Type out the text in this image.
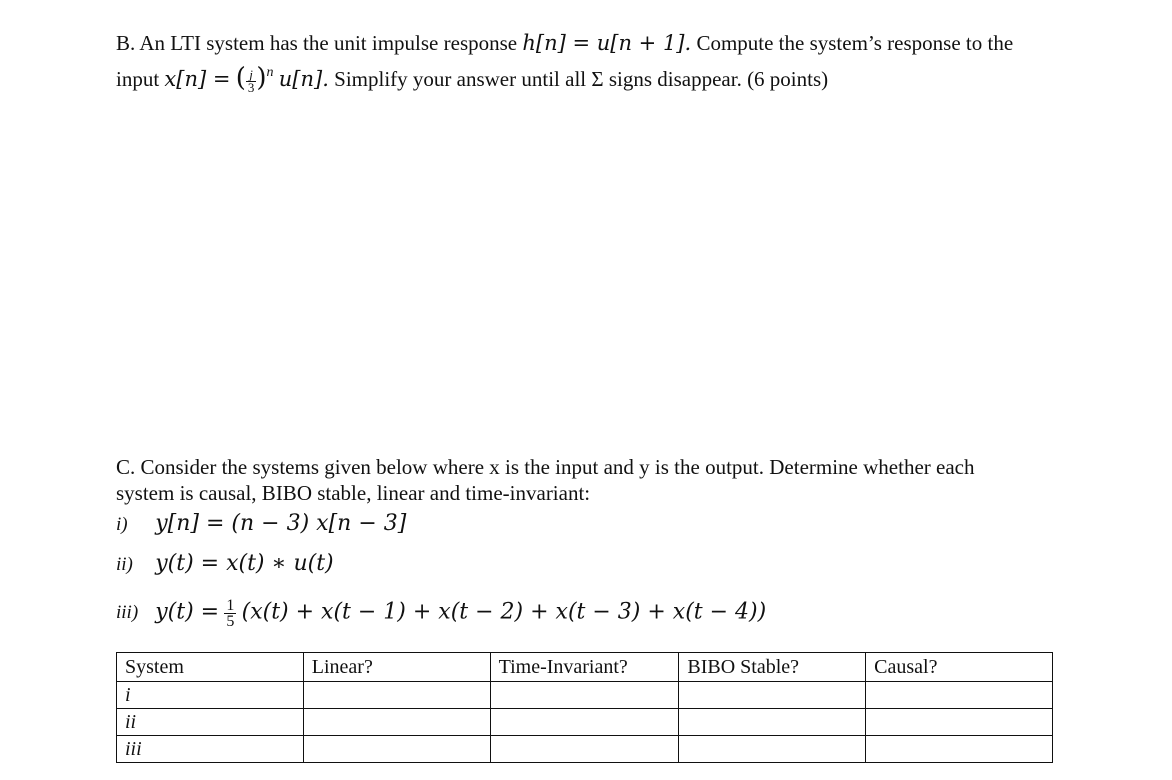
B. An LTI system has the unit impulse response h[n] = u[n + 1]. Compute the system’s response to the
input x[n] = ( $\frac{j}{3} )^n$ u[n]. Simplify your answer until all Σ signs disappear. (6 points)
C. Consider the systems given below where x is the input and y is the output. Determine whether each
system is causal, BIBO stable, linear and time-invariant:
i) y[n] = (n − 3) x[n − 3]
ii) y(t) = x(t) ∗ u(t)
iii) $y(t) = \frac{1}{5} (x(t) + x(t - 1) + x(t - 2) + x(t - 3) + x(t - 4))$
System	Linear?	Time-Invariant?	BIBO Stable?	Causal?
i				
ii				
iii				
